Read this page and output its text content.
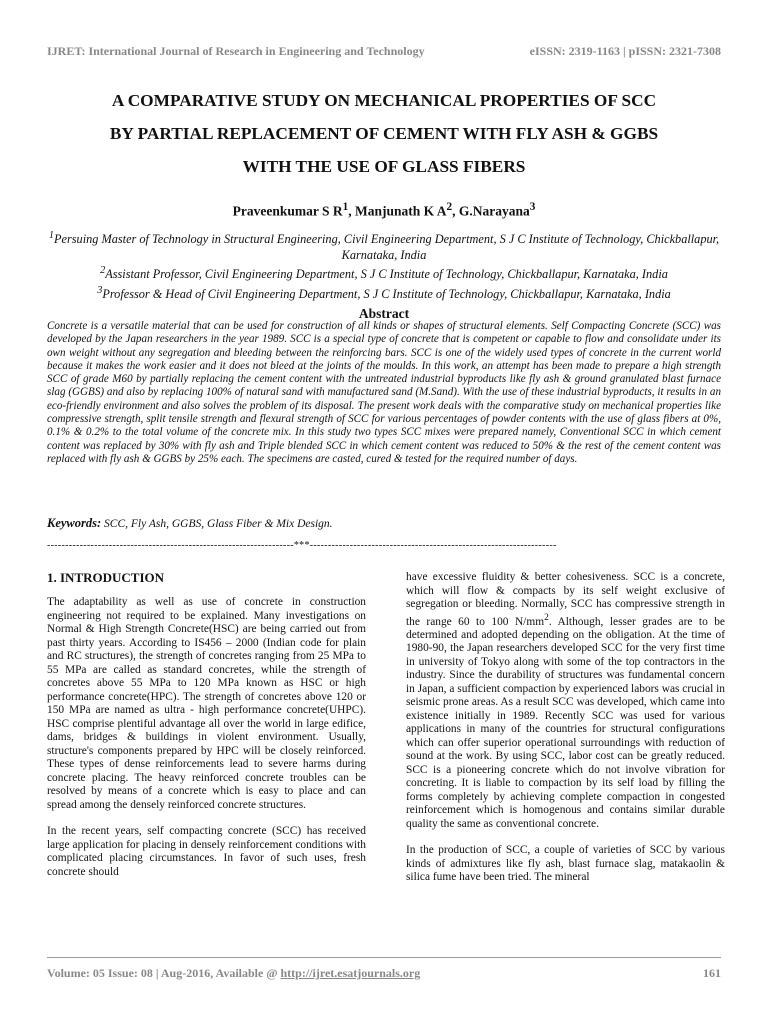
IJRET: International Journal of Research in Engineering and Technology	eISSN: 2319-1163 | pISSN: 2321-7308
A COMPARATIVE STUDY ON MECHANICAL PROPERTIES OF SCC
BY PARTIAL REPLACEMENT OF CEMENT WITH FLY ASH & GGBS
WITH THE USE OF GLASS FIBERS
Praveenkumar S $R^1$, Manjunath K $A^2$, G.Narayana$^3$
$^1$Persuing Master of Technology in Structural Engineering, Civil Engineering Department, S J C Institute of Technology, Chickballapur, Karnataka, India
$^2$Assistant Professor, Civil Engineering Department, S J C Institute of Technology, Chickballapur, Karnataka, India
$^3$Professor & Head of Civil Engineering Department, S J C Institute of Technology, Chickballapur, Karnataka, India
Abstract
Concrete is a versatile material that can be used for construction of all kinds or shapes of structural elements. Self Compacting Concrete (SCC) was developed by the Japan researchers in the year 1989. SCC is a special type of concrete that is competent or capable to flow and consolidate under its own weight without any segregation and bleeding between the reinforcing bars. SCC is one of the widely used types of concrete in the current world because it makes the work easier and it does not bleed at the joints of the moulds. In this work, an attempt has been made to prepare a high strength SCC of grade M60 by partially replacing the cement content with the untreated industrial byproducts like fly ash & ground granulated blast furnace slag (GGBS) and also by replacing 100% of natural sand with manufactured sand (M.Sand). With the use of these industrial byproducts, it results in an eco-friendly environment and also solves the problem of its disposal. The present work deals with the comparative study on mechanical properties like compressive strength, split tensile strength and flexural strength of SCC for various percentages of powder contents with the use of glass fibers at 0%, 0.1% & 0.2% to the total volume of the concrete mix. In this study two types SCC mixes were prepared namely, Conventional SCC in which cement content was replaced by 30% with fly ash and Triple blended SCC in which cement content was reduced to 50% & the rest of the cement content was replaced with fly ash & GGBS by 25% each. The specimens are casted, cured & tested for the required number of days.
Keywords: SCC, Fly Ash, GGBS, Glass Fiber & Mix Design.
--------------------------------------------------------------------***--------------------------------------------------------------------
1. INTRODUCTION

The adaptability as well as use of concrete in construction engineering not required to be explained. Many investigations on Normal & High Strength Concrete(HSC) are being carried out from past thirty years. According to IS456 – 2000 (Indian code for plain and RC structures), the strength of concretes ranging from 25 MPa to 55 MPa are called as standard concretes, while the strength of concretes above 55 MPa to 120 MPa known as HSC or high performance concrete(HPC). The strength of concretes above 120 or 150 MPa are named as ultra - high performance concrete(UHPC). HSC comprise plentiful advantage all over the world in large edifice, dams, bridges & buildings in violent environment. Usually, structure's components prepared by HPC will be closely reinforced. These types of dense reinforcements lead to severe harms during concrete placing. The heavy reinforced concrete troubles can be resolved by means of a concrete which is easy to place and can spread among the densely reinforced concrete structures.

In the recent years, self compacting concrete (SCC) has received large application for placing in densely reinforcement conditions with complicated placing circumstances. In favor of such uses, fresh concrete should

have excessive fluidity & better cohesiveness. SCC is a concrete, which will flow & compacts by its self weight exclusive of segregation or bleeding. Normally, SCC has compressive strength in the range 60 to 100 $N/mm^2$. Although, lesser grades are to be determined and adopted depending on the obligation. At the time of 1980-90, the Japan researchers developed SCC for the very first time in university of Tokyo along with some of the top contractors in the industry. Since the durability of structures was fundamental concern in Japan, a sufficient compaction by experienced labors was crucial in seismic prone areas. As a result SCC was developed, which came into existence initially in 1989. Recently SCC was used for various applications in many of the countries for structural configurations which can offer superior operational surroundings with reduction of sound at the work. By using SCC, labor cost can be greatly reduced. SCC is a pioneering concrete which do not involve vibration for concreting. It is liable to compaction by its self load by filling the forms completely by achieving complete compaction in congested reinforcement which is homogenous and contains similar durable quality the same as conventional concrete.

In the production of SCC, a couple of varieties of SCC by various kinds of admixtures like fly ash, blast furnace slag, matakaolin & silica fume have been tried. The mineral

Volume: 05 Issue: 08 | Aug-2016, Available @ http://ijret.esatjournals.org	161
